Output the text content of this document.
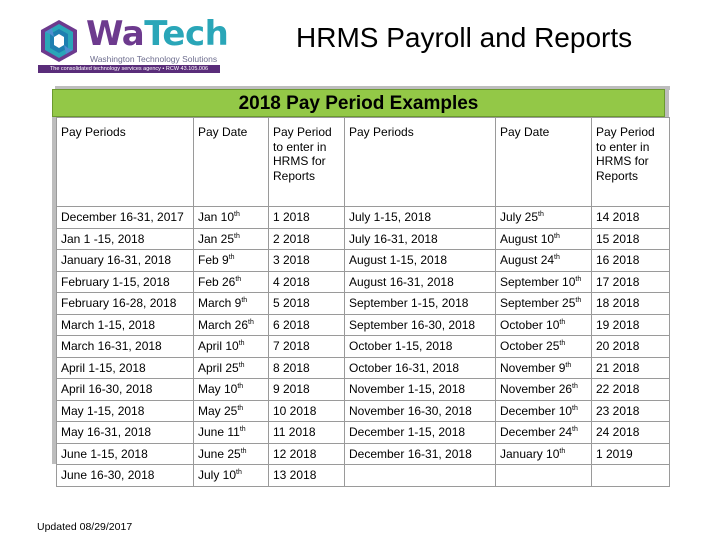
WaTech
Washington Technology Solutions
The consolidated technology services agency • RCW 43.105.006
HRMS Payroll and Reports
2018 Pay Period Examples
Pay Periods	Pay Date	Pay Period to enter in HRMS for Reports	Pay Periods	Pay Date	Pay Period to enter in HRMS for Reports
December 16-31, 2017	Jan 10th	1 2018	July 1-15, 2018	July 25th	14 2018
Jan 1 -15, 2018	Jan 25th	2 2018	July 16-31, 2018	August 10th	15 2018
January 16-31, 2018	Feb 9th	3 2018	August 1-15, 2018	August 24th	16 2018
February 1-15, 2018	Feb 26th	4 2018	August 16-31, 2018	September 10th	17 2018
February 16-28, 2018	March 9th	5 2018	September 1-15, 2018	September 25th	18 2018
March 1-15, 2018	March 26th	6 2018	September 16-30, 2018	October 10th	19 2018
March 16-31, 2018	April 10th	7 2018	October 1-15, 2018	October 25th	20 2018
April 1-15, 2018	April 25th	8 2018	October 16-31, 2018	November 9th	21 2018
April 16-30, 2018	May 10th	9 2018	November 1-15, 2018	November 26th	22 2018
May 1-15, 2018	May 25th	10 2018	November 16-30, 2018	December 10th	23 2018
May 16-31, 2018	June 11th	11 2018	December 1-15, 2018	December 24th	24 2018
June 1-15, 2018	June 25th	12 2018	December 16-31, 2018	January 10th	1 2019
June 16-30, 2018	July 10th	13 2018			
Updated 08/29/2017
